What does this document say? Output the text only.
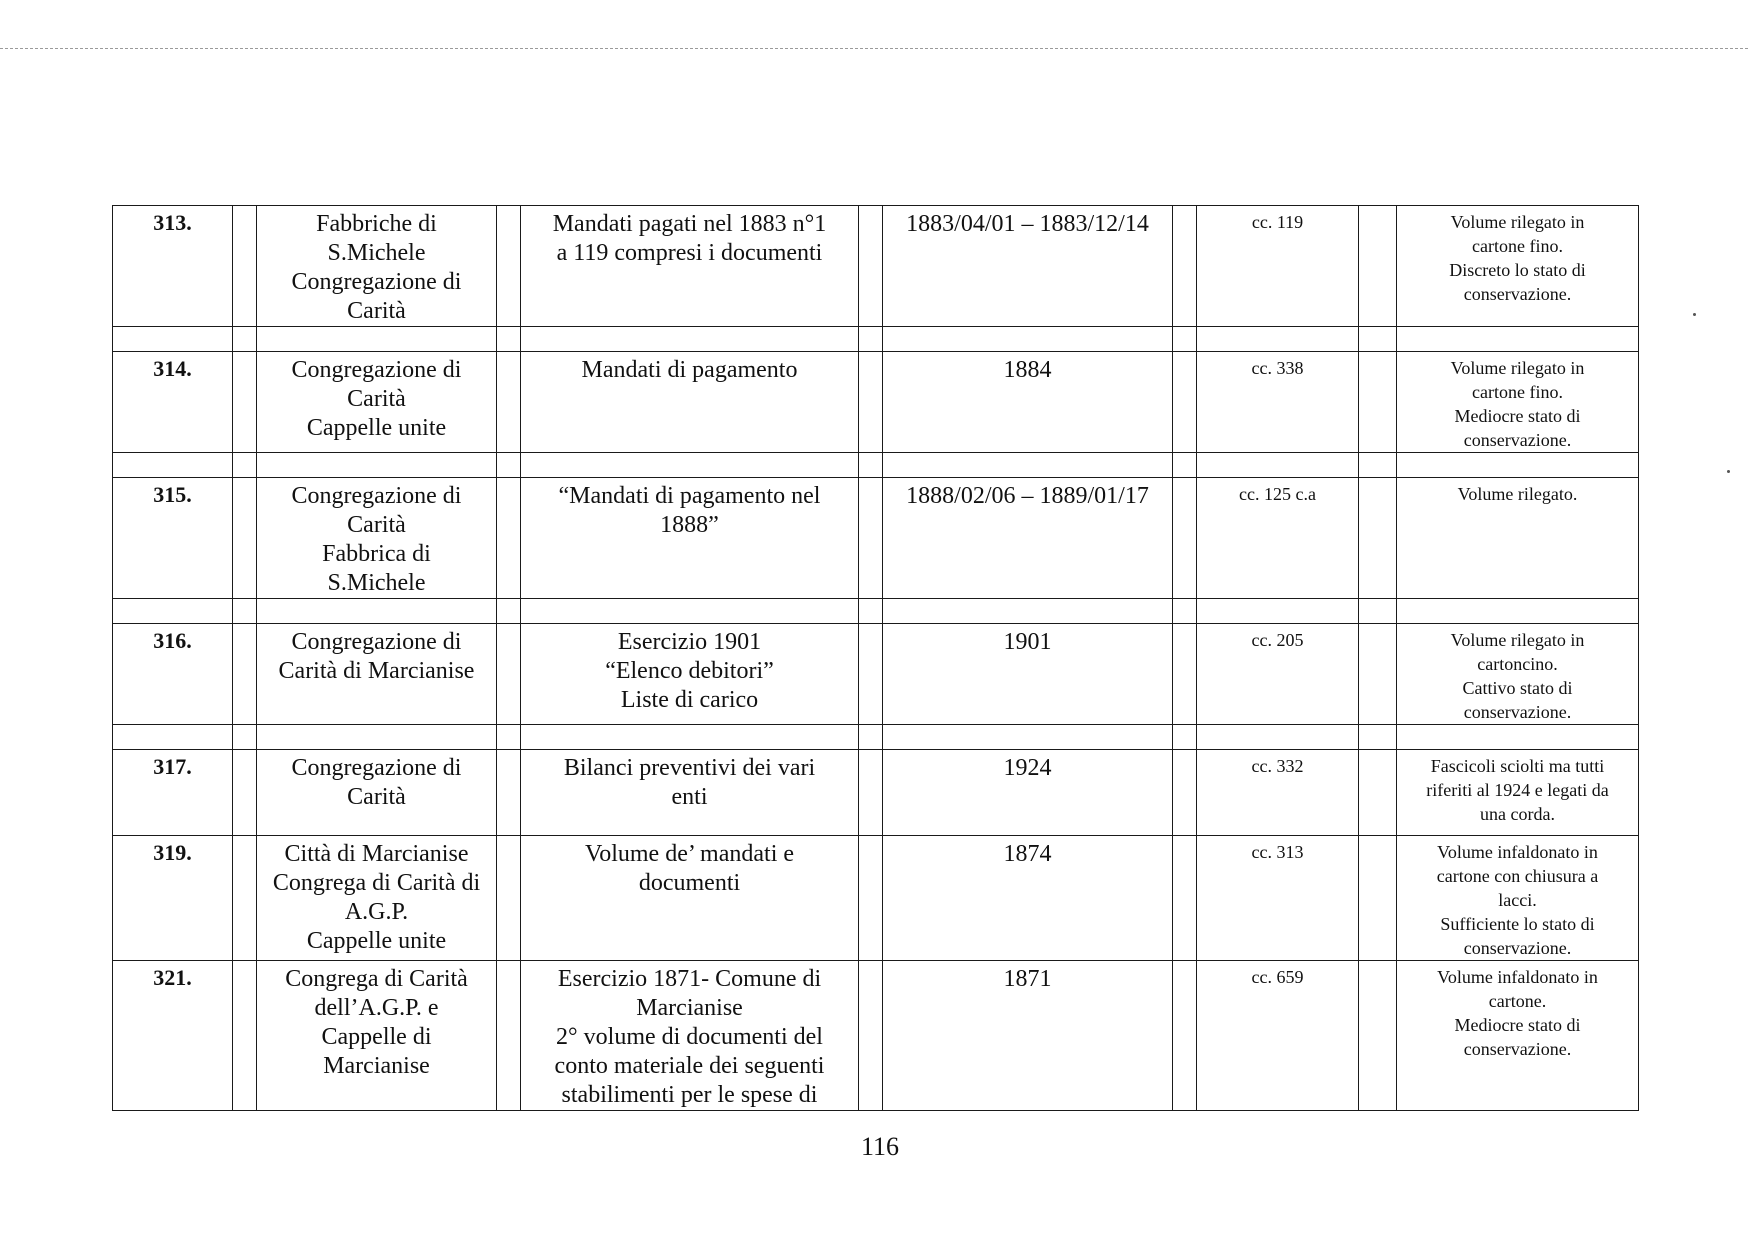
313.		Fabbriche di
S.Michele
Congregazione di
Carità		Mandati pagati nel 1883 n°1
a 119 compresi i documenti		1883/04/01 – 1883/12/14		cc. 119		Volume rilegato in
cartone fino.
Discreto lo stato di
conservazione.

314.		Congregazione di
Carità
Cappelle unite		Mandati di pagamento		1884		cc. 338		Volume rilegato in
cartone fino.
Mediocre stato di
conservazione.

315.		Congregazione di
Carità
Fabbrica di
S.Michele		“Mandati di pagamento nel
1888”		1888/02/06 – 1889/01/17		cc. 125 c.a		Volume rilegato.

316.		Congregazione di
Carità di Marcianise		Esercizio 1901
“Elenco debitori”
Liste di carico		1901		cc. 205		Volume rilegato in
cartoncino.
Cattivo stato di
conservazione.

317.		Congregazione di
Carità		Bilanci preventivi dei vari
enti		1924		cc. 332		Fascicoli sciolti ma tutti
riferiti al 1924 e legati da
una corda.

319.		Città di Marcianise
Congrega di Carità di
A.G.P.
Cappelle unite		Volume de’ mandati e
documenti		1874		cc. 313		Volume infaldonato in
cartone con chiusura a
lacci.
Sufficiente lo stato di
conservazione.

321.		Congrega di Carità
dell’A.G.P. e
Cappelle di
Marcianise		Esercizio 1871- Comune di
Marcianise
2° volume di documenti del
conto materiale dei seguenti
stabilimenti per le spese di		1871		cc. 659		Volume infaldonato in
cartone.
Mediocre stato di
conservazione.
116
